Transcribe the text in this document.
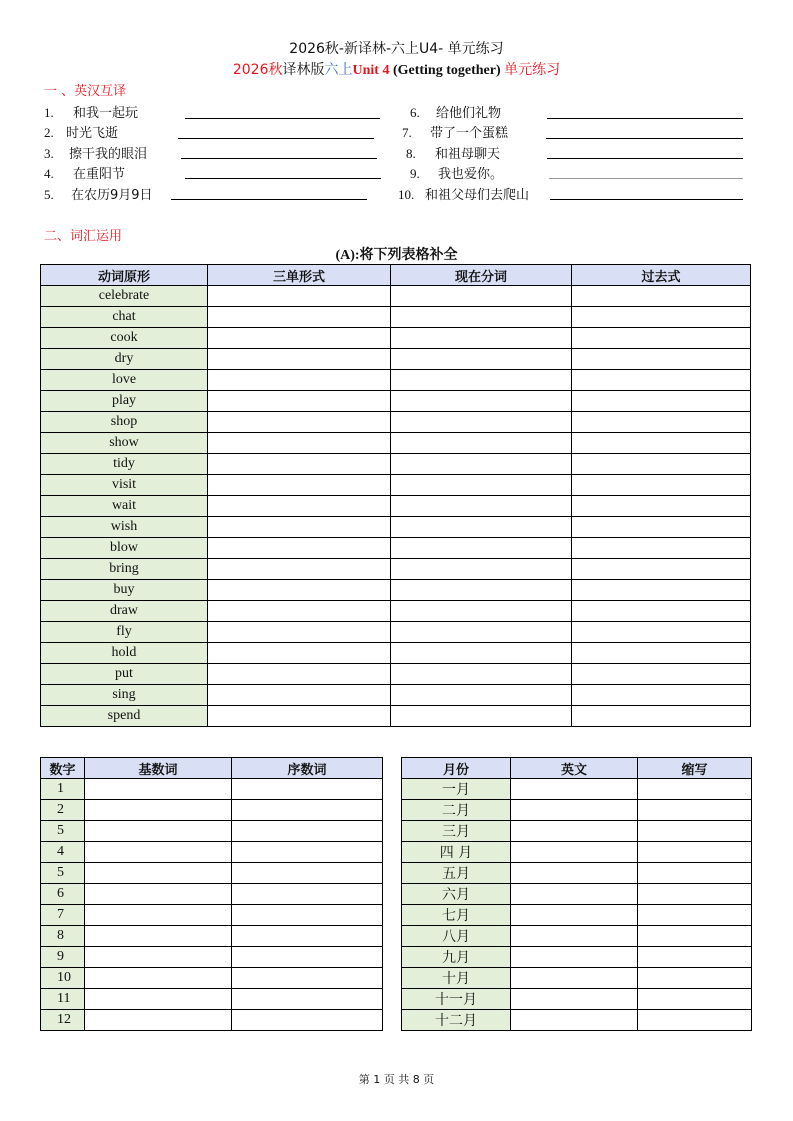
2026秋-新译林-六上U4- 单元练习
2026秋译林版六上Unit 4 (Getting together) 单元练习
一 、英汉互译
1. 和我一起玩
2. 时光飞逝
3. 擦干我的眼泪
4. 在重阳节
5. 在农历9月9日
6. 给他们礼物
7. 带了一个蛋糕
8. 和祖母聊天
9. 我也爱你。
10. 和祖父母们去爬山
二、词汇运用
(A):将下列表格补全
动词原形	三单形式	现在分词	过去式
celebrate			
chat			
cook			
dry			
love			
play			
shop			
show			
tidy			
visit			
wait			
wish			
blow			
bring			
buy			
draw			
fly			
hold			
put			
sing			
spend			
数字	基数词	序数词
1		
2		
5		
4		
5		
6		
7		
8		
9		
10		
11		
12		
月份	英文	缩写
一月		
二月		
三月		
四 月		
五月		
六月		
七月		
八月		
九月		
十月		
十一月		
十二月		
第 1 页 共 8 页
